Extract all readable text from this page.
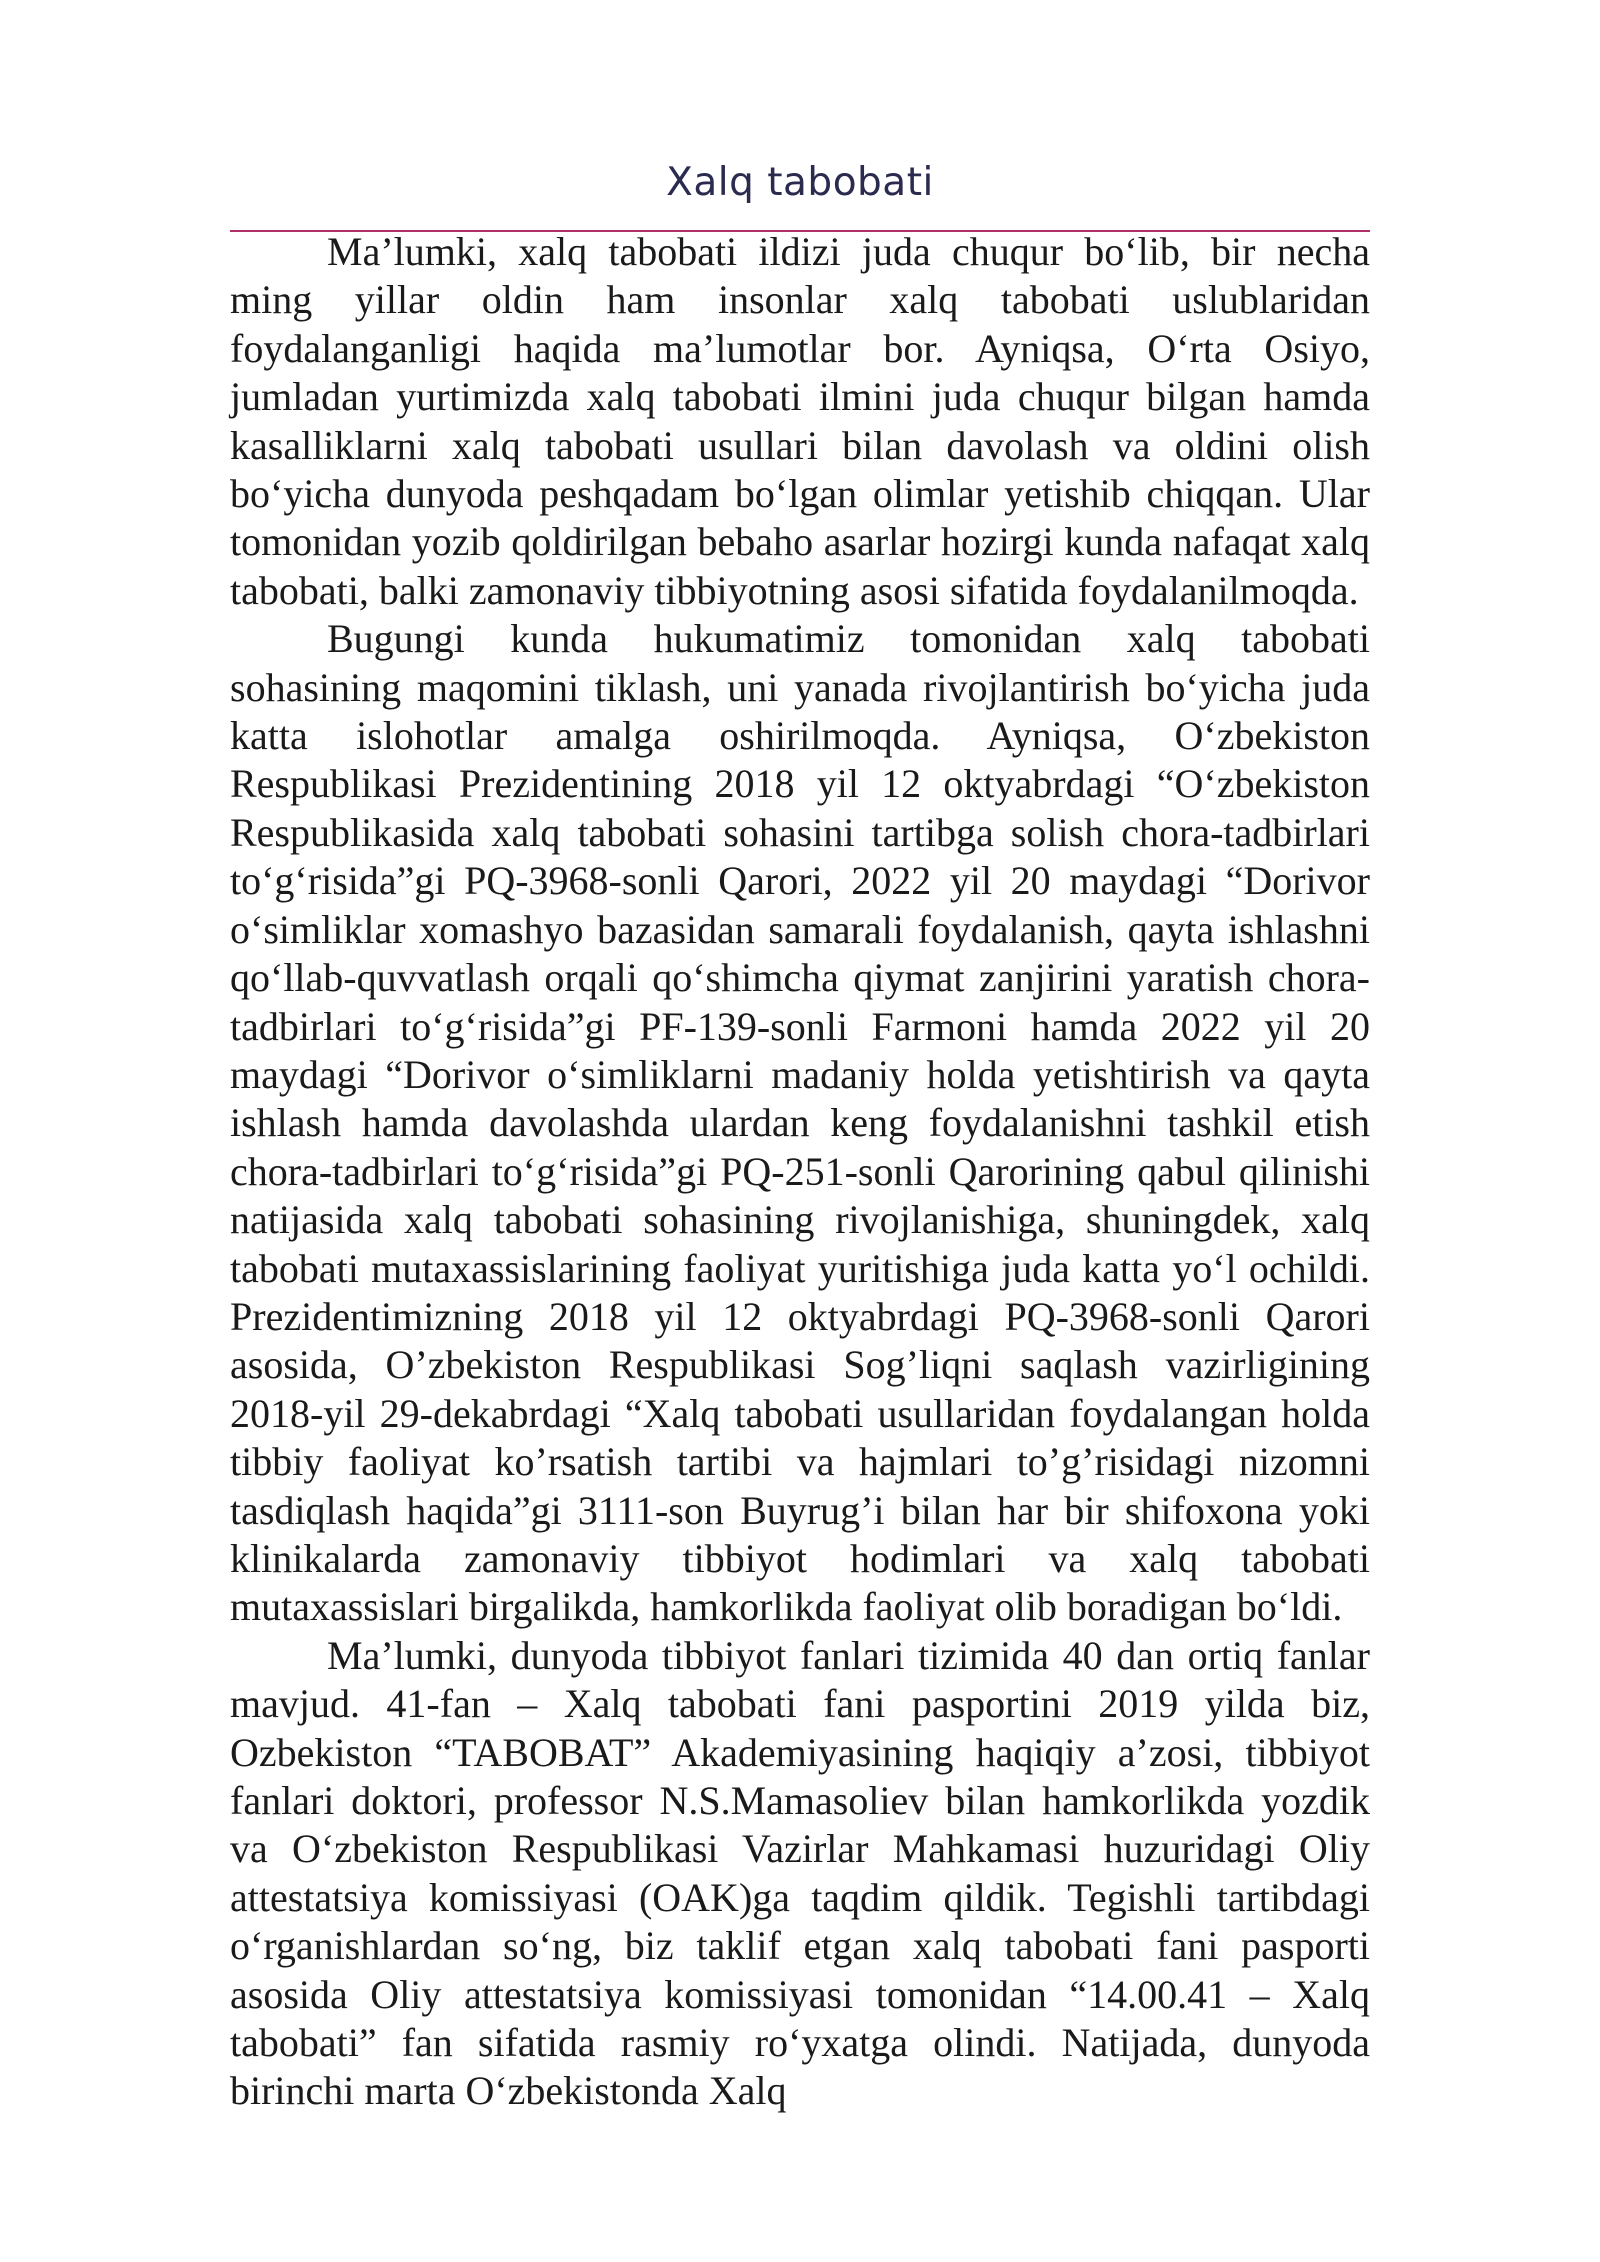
Xalq tabobati

Ma’lumki, xalq tabobati ildizi juda chuqur bo‘lib, bir necha ming yillar oldin ham insonlar xalq tabobati uslublaridan foydalanganligi haqida ma’lumotlar bor. Ayniqsa, O‘rta Osiyo, jumladan yurtimizda xalq tabobati ilmini juda chuqur bilgan hamda kasalliklarni xalq tabobati usullari bilan davolash va oldini olish bo‘yicha dunyoda peshqadam bo‘lgan olimlar yetishib chiqqan. Ular tomonidan yozib qoldirilgan bebaho asarlar hozirgi kunda nafaqat xalq tabobati, balki zamonaviy tibbiyotning asosi sifatida foydalanilmoqda.

Bugungi kunda hukumatimiz tomonidan xalq tabobati sohasining maqomini tiklash, uni yanada rivojlantirish bo‘yicha juda katta islohotlar amalga oshirilmoqda. Ayniqsa, O‘zbekiston Respublikasi Prezidentining 2018 yil 12 oktyabrdagi “O‘zbekiston Respublikasida xalq tabobati sohasini tartibga solish chora-tadbirlari to‘g‘risida”gi PQ-3968-sonli Qarori, 2022 yil 20 maydagi “Dorivor o‘simliklar xomashyo bazasidan samarali foydalanish, qayta ishlashni qo‘llab-quvvatlash orqali qo‘shimcha qiymat zanjirini yaratish chora-tadbirlari to‘g‘risida”gi PF-139-sonli Farmoni hamda 2022 yil 20 maydagi “Dorivor o‘simliklarni madaniy holda yetishtirish va qayta ishlash hamda davolashda ulardan keng foydalanishni tashkil etish chora-tadbirlari to‘g‘risida”gi PQ-251-sonli Qarorining qabul qilinishi natijasida xalq tabobati sohasining rivojlanishiga, shuningdek, xalq tabobati mutaxassislarining faoliyat yuritishiga juda katta yo‘l ochildi. Prezidentimizning 2018 yil 12 oktyabrdagi PQ-3968-sonli Qarori asosida, O’zbekiston Respublikasi Sog’liqni saqlash vazirligining 2018-yil 29-dekabrdagi “Xalq tabobati usullaridan foydalangan holda tibbiy faoliyat ko’rsatish tartibi va hajmlari to’g’risidagi nizomni tasdiqlash haqida”gi 3111-son Buyrug’i bilan har bir shifoxona yoki klinikalarda zamonaviy tibbiyot hodimlari va xalq tabobati mutaxassislari birgalikda, hamkorlikda faoliyat olib boradigan bo‘ldi.

Ma’lumki, dunyoda tibbiyot fanlari tizimida 40 dan ortiq fanlar mavjud. 41-fan – Xalq tabobati fani pasportini 2019 yilda biz, Ozbekiston “TABOBAT” Akademiyasining haqiqiy a’zosi, tibbiyot fanlari doktori, professor N.S.Mamasoliev bilan hamkorlikda yozdik va O‘zbekiston Respublikasi Vazirlar Mahkamasi huzuridagi Oliy attestatsiya komissiyasi (OAK)ga taqdim qildik. Tegishli tartibdagi o‘rganishlardan so‘ng, biz taklif etgan xalq tabobati fani pasporti asosida Oliy attestatsiya komissiyasi tomonidan “14.00.41 – Xalq tabobati” fan sifatida rasmiy ro‘yxatga olindi. Natijada, dunyoda birinchi marta O‘zbekistonda Xalq
